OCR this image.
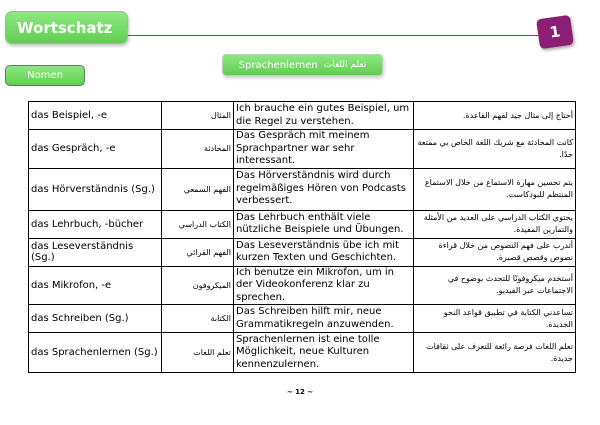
Wortschatz	1
Nomen
Sprachenlernen تعلم اللغات
das Beispiel, -e	المثال	Ich brauche ein gutes Beispiel, um die Regel zu verstehen.	أحتاج إلى مثال جيد لفهم القاعدة.
das Gespräch, -e	المحادثة	Das Gespräch mit meinem Sprachpartner war sehr interessant.	كانت المحادثة مع شريك اللغة الخاص بي ممتعة جدًا.
das Hörverständnis (Sg.)	الفهم السمعي	Das Hörverständnis wird durch regelmäßiges Hören von Podcasts verbessert.	يتم تحسين مهارة الاستماع من خلال الاستماع المنتظم للبودكاست.
das Lehrbuch, -bücher	الكتاب الدراسي	Das Lehrbuch enthält viele nützliche Beispiele und Übungen.	يحتوي الكتاب الدراسي على العديد من الأمثلة والتمارين المفيدة.
das Leseverständnis (Sg.)	الفهم القرائي	Das Leseverständnis übe ich mit kurzen Texten und Geschichten.	أتدرب على فهم النصوص من خلال قراءة نصوص وقصص قصيرة.
das Mikrofon, -e	الميكروفون	Ich benutze ein Mikrofon, um in der Videokonferenz klar zu sprechen.	أستخدم ميكروفونًا للتحدث بوضوح في الاجتماعات عبر الفيديو.
das Schreiben (Sg.)	الكتابة	Das Schreiben hilft mir, neue Grammatikregeln anzuwenden.	تساعدني الكتابة في تطبيق قواعد النحو الجديدة.
das Sprachenlernen (Sg.)	تعلم اللغات	Sprachenlernen ist eine tolle Möglichkeit, neue Kulturen kennenzulernen.	تعلم اللغات فرصة رائعة للتعرف على ثقافات جديدة.
~ 12 ~
